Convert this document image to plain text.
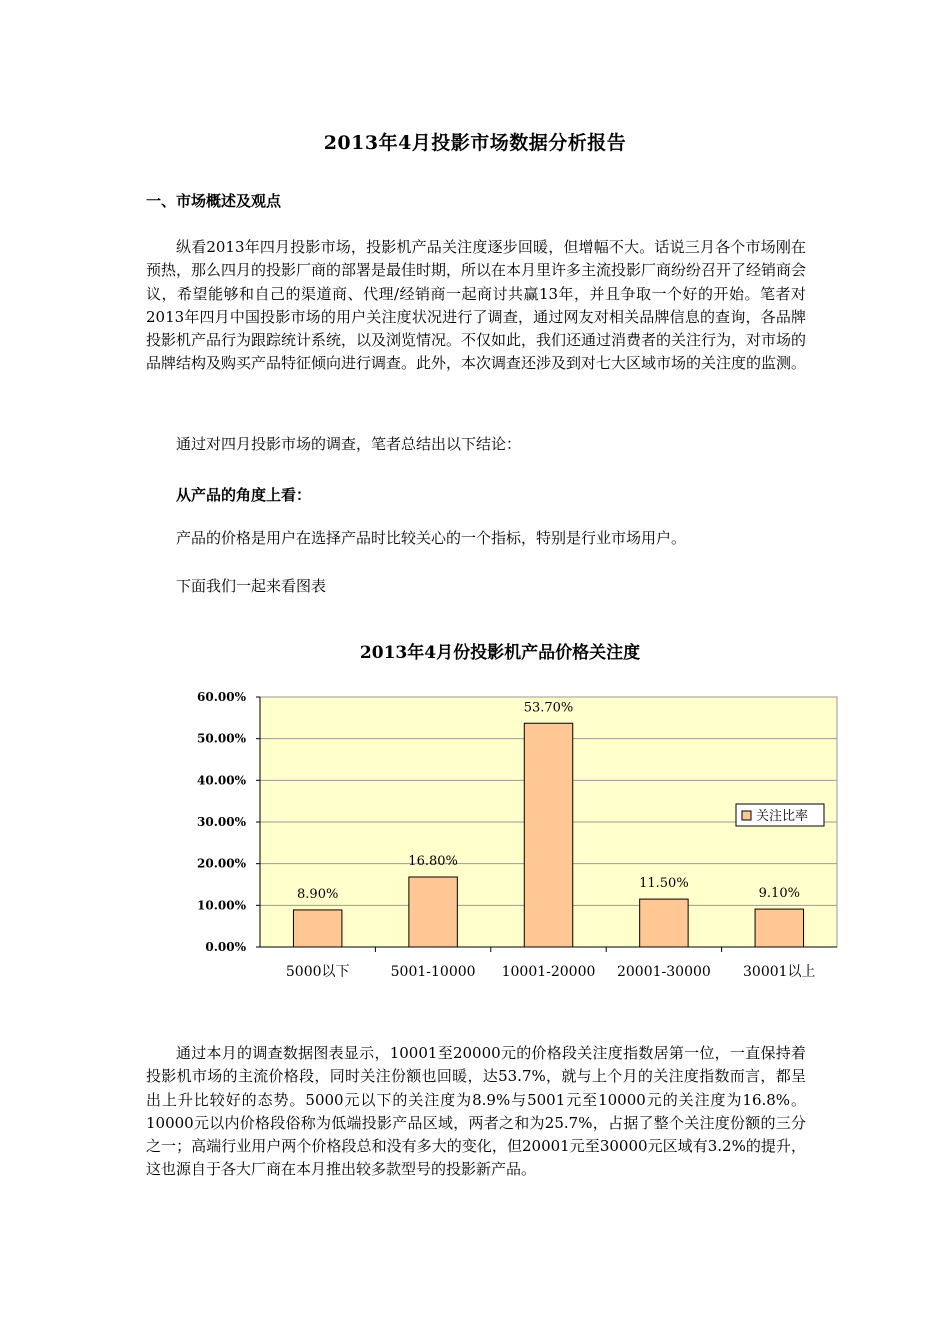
2013年4月投影市场数据分析报告
一、市场概述及观点
纵看2013年四月投影市场，投影机产品关注度逐步回暖，但增幅不大。话说三月各个市场刚在预热，那么四月的投影厂商的部署是最佳时期，所以在本月里许多主流投影厂商纷纷召开了经销商会议，希望能够和自己的渠道商、代理/经销商一起商讨共赢13年，并且争取一个好的开始。笔者对2013年四月中国投影市场的用户关注度状况进行了调查，通过网友对相关品牌信息的查询，各品牌投影机产品行为跟踪统计系统，以及浏览情况。不仅如此，我们还通过消费者的关注行为，对市场的品牌结构及购买产品特征倾向进行调查。此外，本次调查还涉及到对七大区域市场的关注度的监测。
通过对四月投影市场的调查，笔者总结出以下结论：
从产品的角度上看：
产品的价格是用户在选择产品时比较关心的一个指标，特别是行业市场用户。
下面我们一起来看图表
2013年4月份投影机产品价格关注度
0.00%
10.00%
20.00%
30.00%
40.00%
50.00%
60.00%
8.90%
16.80%
53.70%
11.50%
9.10%
5000以下	5001-10000 10001-20000 20001-30000 30001以上
关注比率
通过本月的调查数据图表显示，10001至20000元的价格段关注度指数居第一位，一直保持着投影机市场的主流价格段，同时关注份额也回暖，达53.7%，就与上个月的关注度指数而言，都呈出上升比较好的态势。5000元以下的关注度为8.9%与5001元至10000元的关注度为16.8%。10000元以内价格段俗称为低端投影产品区域，两者之和为25.7%，占据了整个关注度份额的三分之一；高端行业用户两个价格段总和没有多大的变化，但20001元至30000元区域有3.2%的提升，这也源自于各大厂商在本月推出较多款型号的投影新产品。
